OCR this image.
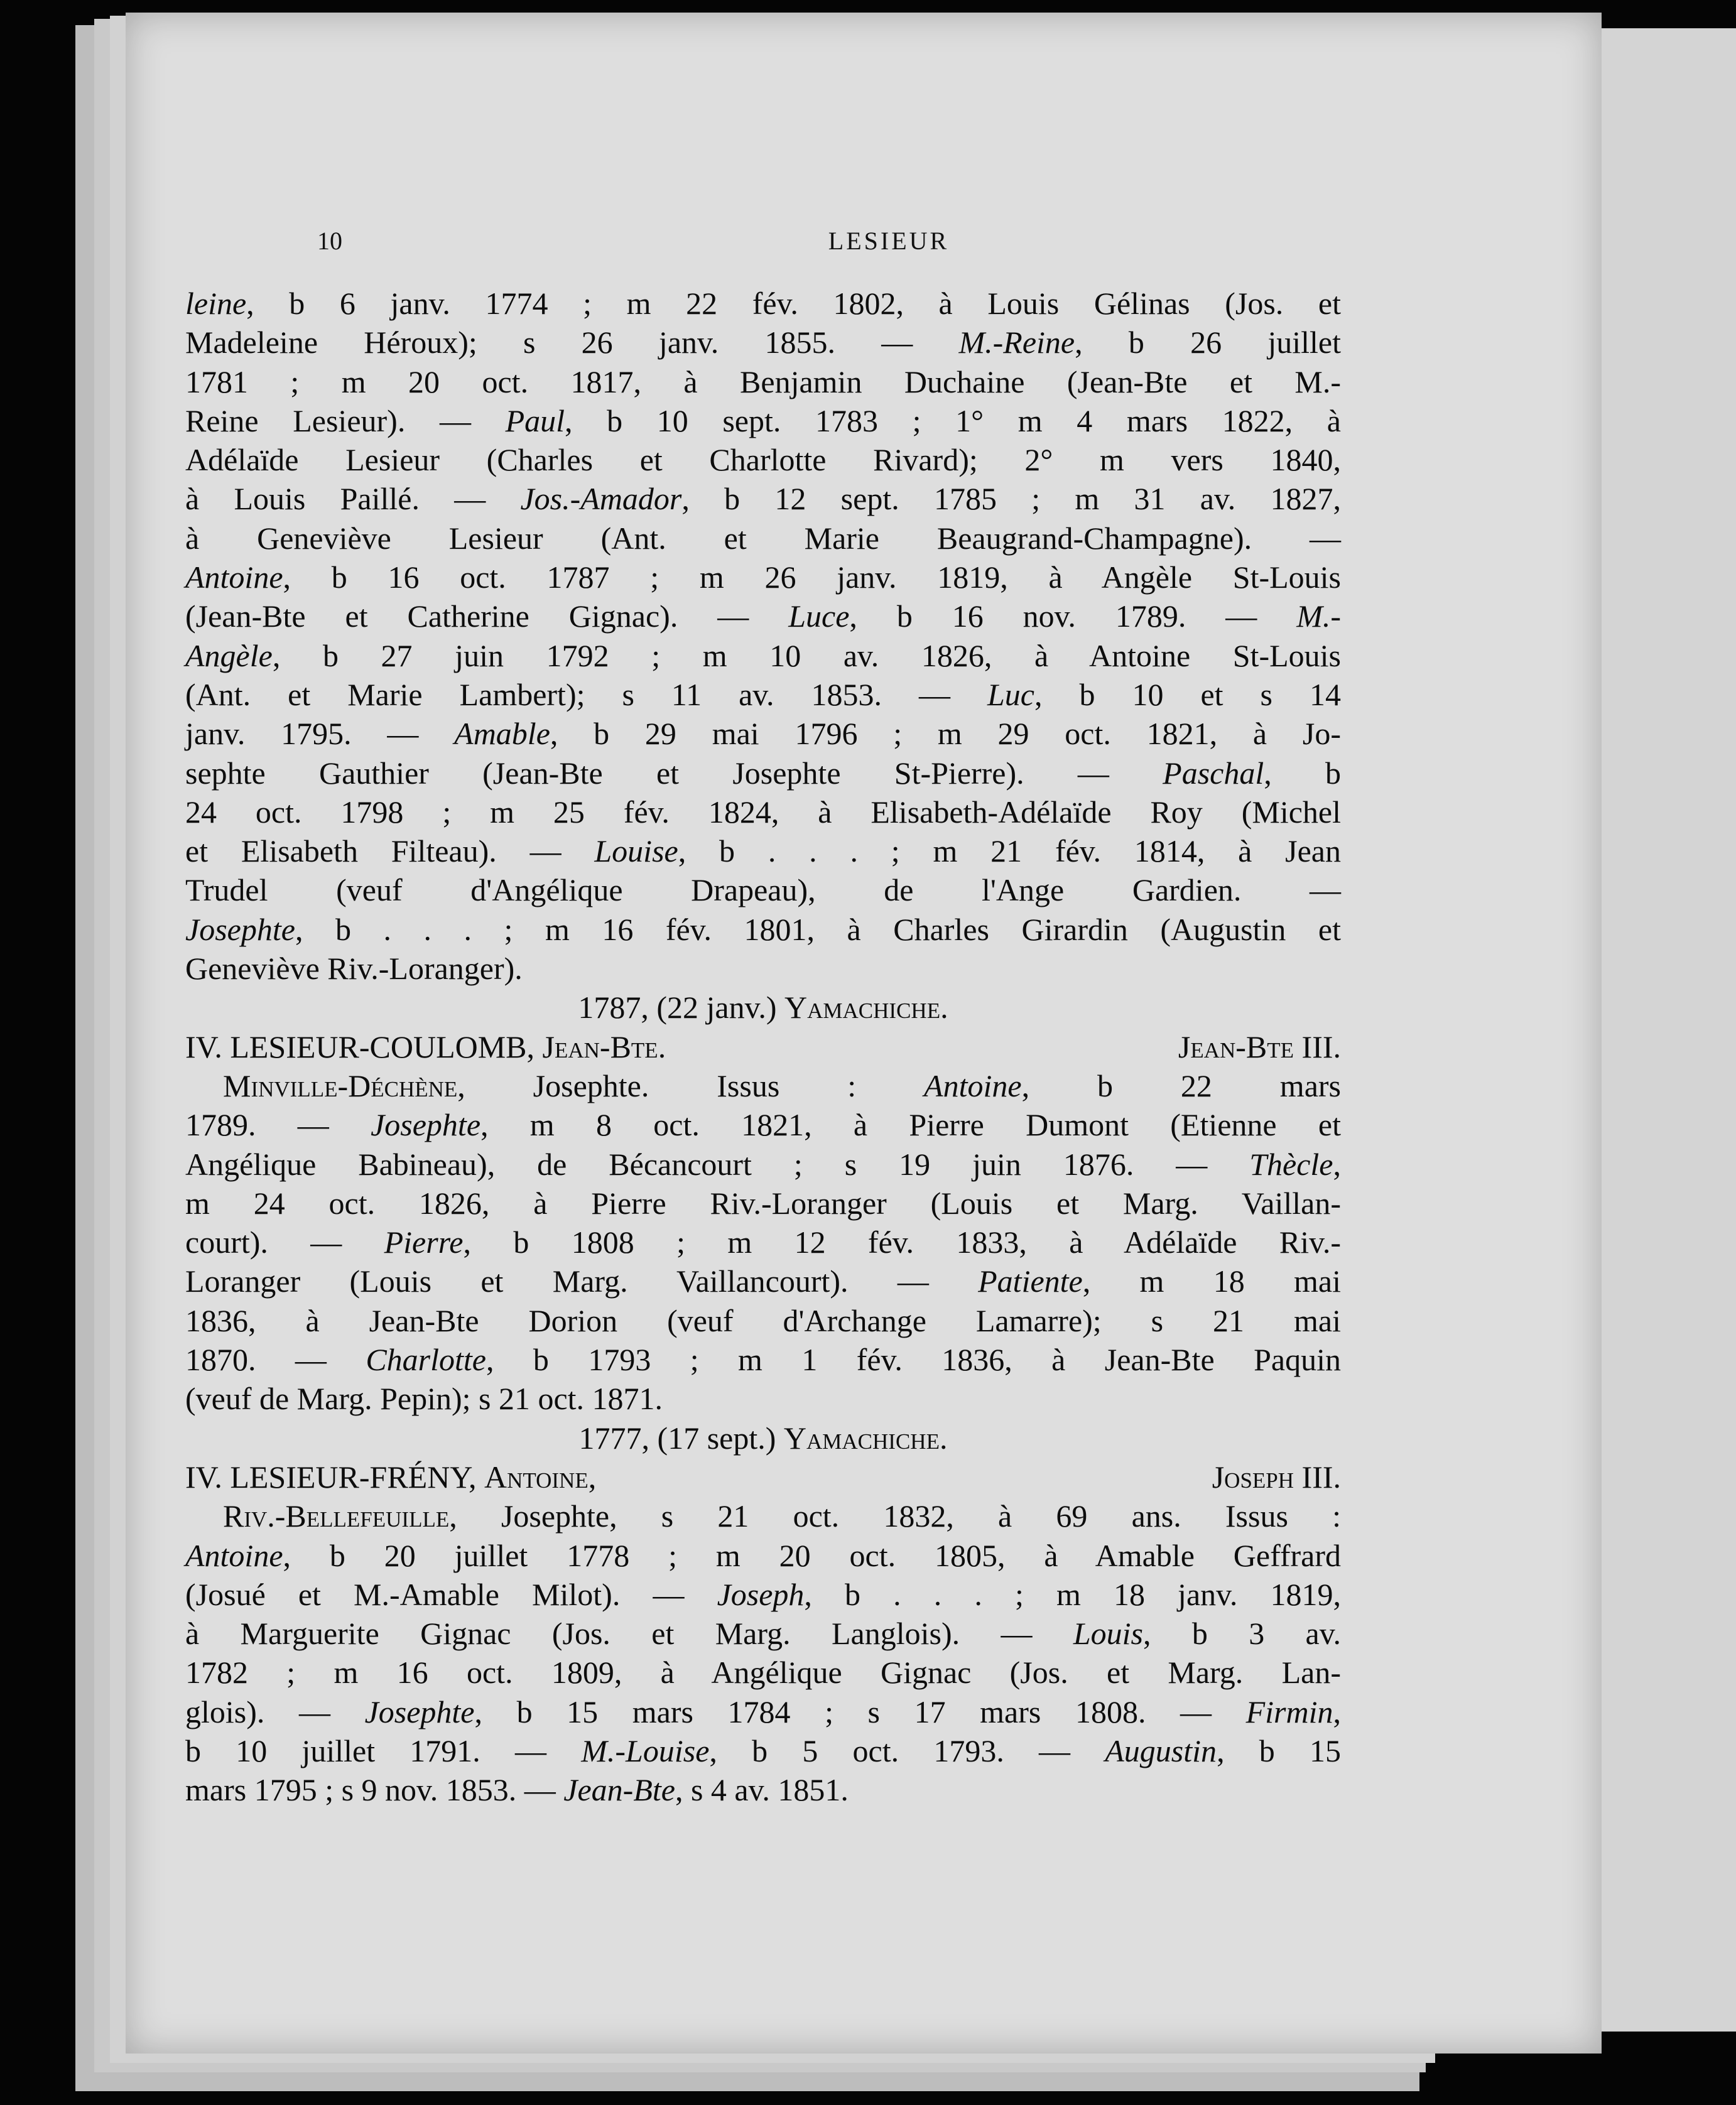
10	LESIEUR
leine, b 6 janv. 1774 ; m 22 fév. 1802, à Louis Gélinas (Jos. et
Madeleine Héroux); s 26 janv. 1855. — M.-Reine, b 26 juillet
1781 ; m 20 oct. 1817, à Benjamin Duchaine (Jean-Bte et M.-
Reine Lesieur). — Paul, b 10 sept. 1783 ; 1° m 4 mars 1822, à
Adélaïde Lesieur (Charles et Charlotte Rivard); 2° m vers 1840,
à Louis Paillé. — Jos.-Amador, b 12 sept. 1785 ; m 31 av. 1827,
à Geneviève Lesieur (Ant. et Marie Beaugrand-Champagne). —
Antoine, b 16 oct. 1787 ; m 26 janv. 1819, à Angèle St-Louis
(Jean-Bte et Catherine Gignac). — Luce, b 16 nov. 1789. — M.-
Angèle, b 27 juin 1792 ; m 10 av. 1826, à Antoine St-Louis
(Ant. et Marie Lambert); s 11 av. 1853. — Luc, b 10 et s 14
janv. 1795. — Amable, b 29 mai 1796 ; m 29 oct. 1821, à Jo-
sephte Gauthier (Jean-Bte et Josephte St-Pierre). — Paschal, b
24 oct. 1798 ; m 25 fév. 1824, à Elisabeth-Adélaïde Roy (Michel
et Elisabeth Filteau). — Louise, b . . . ; m 21 fév. 1814, à Jean
Trudel (veuf d'Angélique Drapeau), de l'Ange Gardien. —
Josephte, b . . . ; m 16 fév. 1801, à Charles Girardin (Augustin et
Geneviève Riv.-Loranger).
1787, (22 janv.) Yamachiche.
IV. LESIEUR-COULOMB, Jean-Bte.	Jean-Bte III.
Minville-Déchène, Josephte. Issus : Antoine, b 22 mars
1789. — Josephte, m 8 oct. 1821, à Pierre Dumont (Etienne et
Angélique Babineau), de Bécancourt ; s 19 juin 1876. — Thècle,
m 24 oct. 1826, à Pierre Riv.-Loranger (Louis et Marg. Vaillan-
court). — Pierre, b 1808 ; m 12 fév. 1833, à Adélaïde Riv.-
Loranger (Louis et Marg. Vaillancourt). — Patiente, m 18 mai
1836, à Jean-Bte Dorion (veuf d'Archange Lamarre); s 21 mai
1870. — Charlotte, b 1793 ; m 1 fév. 1836, à Jean-Bte Paquin
(veuf de Marg. Pepin); s 21 oct. 1871.
1777, (17 sept.) Yamachiche.
IV. LESIEUR-FRÉNY, Antoine,	Joseph III.
Riv.-Bellefeuille, Josephte, s 21 oct. 1832, à 69 ans. Issus :
Antoine, b 20 juillet 1778 ; m 20 oct. 1805, à Amable Geffrard
(Josué et M.-Amable Milot). — Joseph, b . . . ; m 18 janv. 1819,
à Marguerite Gignac (Jos. et Marg. Langlois). — Louis, b 3 av.
1782 ; m 16 oct. 1809, à Angélique Gignac (Jos. et Marg. Lan-
glois). — Josephte, b 15 mars 1784 ; s 17 mars 1808. — Firmin,
b 10 juillet 1791. — M.-Louise, b 5 oct. 1793. — Augustin, b 15
mars 1795 ; s 9 nov. 1853. — Jean-Bte, s 4 av. 1851.
